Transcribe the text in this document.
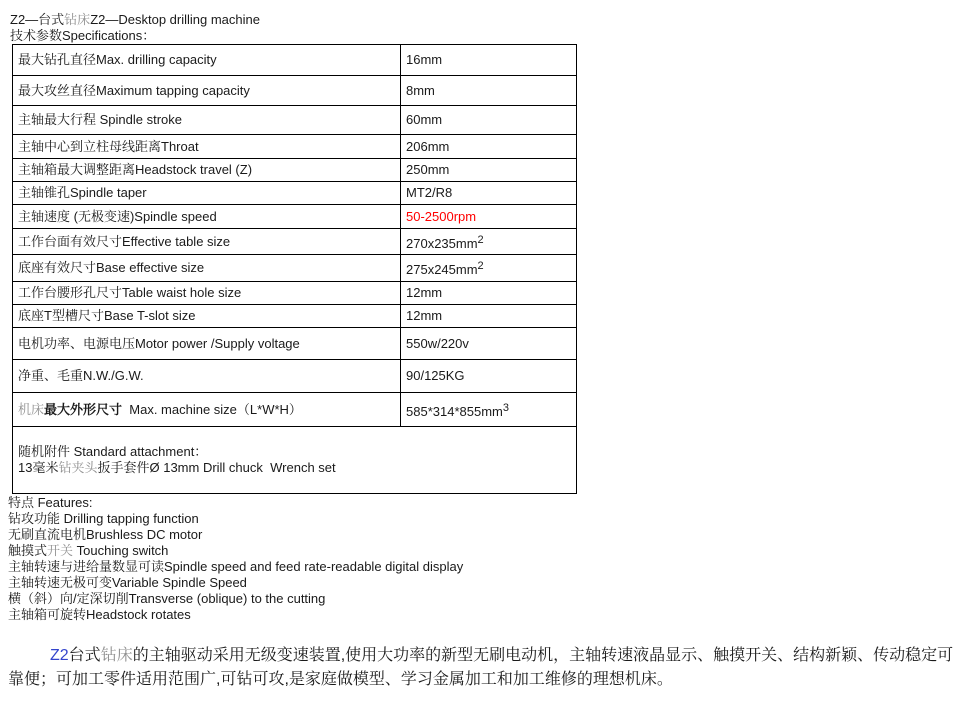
Z2—台式钻床Z2—Desktop drilling machine
技术参数Specifications：
最大钻孔直径Max. drilling capacity	16mm
最大攻丝直径Maximum tapping capacity	8mm
主轴最大行程 Spindle stroke	60mm
主轴中心到立柱母线距离Throat	206mm
主轴箱最大调整距离Headstock travel (Z)	250mm
主轴锥孔Spindle taper	MT2/R8
主轴速度 (无极变速)Spindle speed	50-2500rpm
工作台面有效尺寸Effective table size	$270x235mm^2$
底座有效尺寸Base effective size	$275x245mm^2$
工作台腰形孔尺寸Table waist hole size	12mm
底座T型槽尺寸Base T-slot size	12mm
电机功率、电源电压Motor power /Supply voltage	550w/220v
净重、毛重N.W./G.W.	90/125KG
机床最大外形尺寸  Max. machine size（L*W*H）	$585*314*855mm^3$

随机附件 Standard attachment：
13毫米钻夹头扳手套件Ø 13mm Drill chuck  Wrench set	
特点 Features:
钻攻功能 Drilling tapping function
无刷直流电机Brushless DC motor
触摸式开关 Touching switch
主轴转速与进给量数显可读Spindle speed and feed rate-readable digital display
主轴转速无极可变Variable Spindle Speed
横（斜）向/定深切削Transverse (oblique) to the cutting
主轴箱可旋转Headstock rotates

Z2台式钻床的主轴驱动采用无级变速装置,使用大功率的新型无刷电动机，主轴转速液晶显示、触摸开关、结构新颖、传动稳定可靠便；可加工零件适用范围广,可钻可攻,是家庭做模型、学习金属加工和加工维修的理想机床。
